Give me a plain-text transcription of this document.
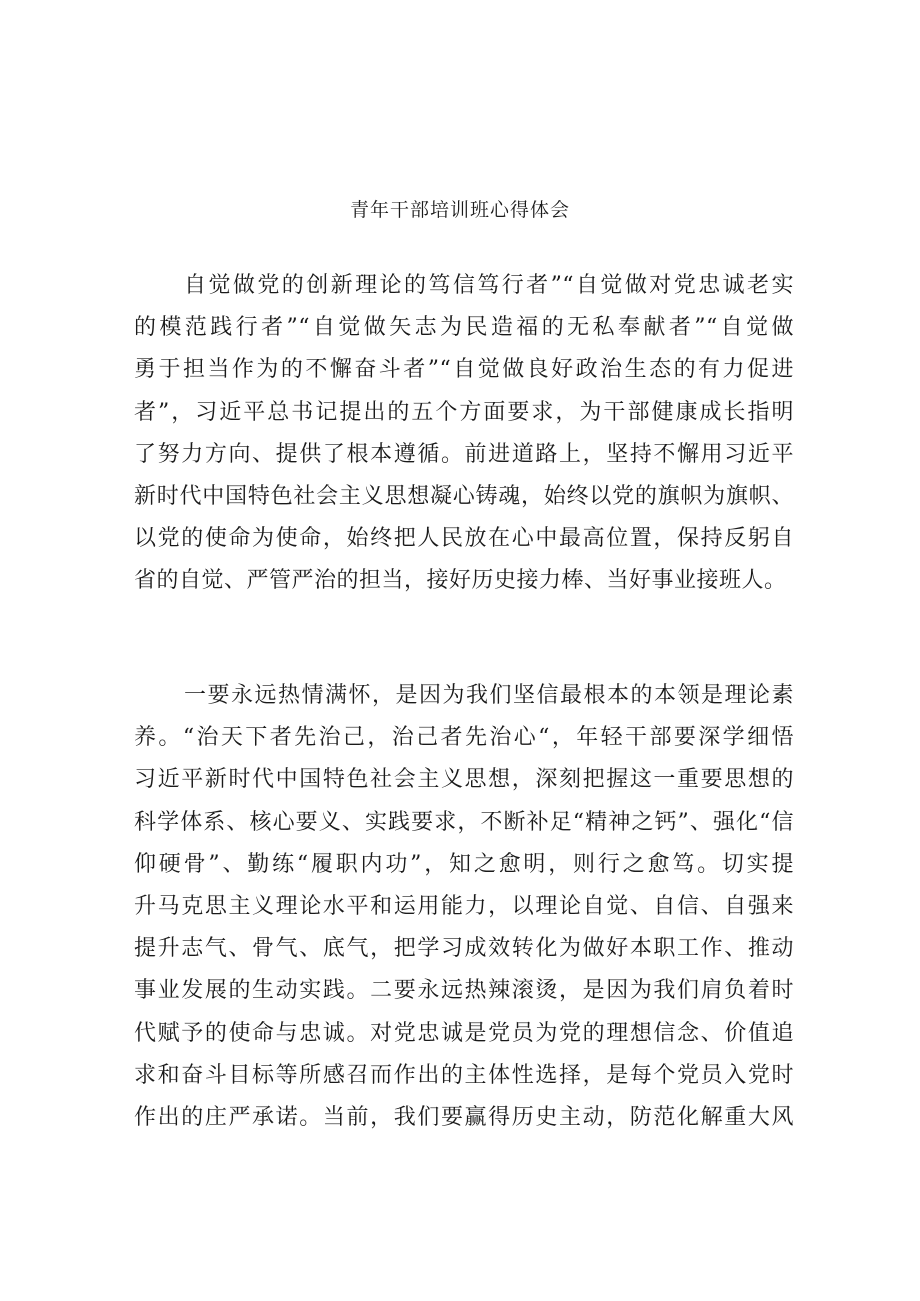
青年干部培训班心得体会
自觉做党的创新理论的笃信笃行者”“自觉做对党忠诚老实
的模范践行者”“自觉做矢志为民造福的无私奉献者”“自觉做
勇于担当作为的不懈奋斗者”“自觉做良好政治生态的有力促进
者”，习近平总书记提出的五个方面要求，为干部健康成长指明
了努力方向、提供了根本遵循。前进道路上，坚持不懈用习近平
新时代中国特色社会主义思想凝心铸魂，始终以党的旗帜为旗帜、
以党的使命为使命，始终把人民放在心中最高位置，保持反躬自
省的自觉、严管严治的担当，接好历史接力棒、当好事业接班人。
一要永远热情满怀，是因为我们坚信最根本的本领是理论素
养。“治天下者先治己，治己者先治心“，年轻干部要深学细悟
习近平新时代中国特色社会主义思想，深刻把握这一重要思想的
科学体系、核心要义、实践要求，不断补足“精神之钙”、强化“信
仰硬骨”、勤练“履职内功”，知之愈明，则行之愈笃。切实提
升马克思主义理论水平和运用能力，以理论自觉、自信、自强来
提升志气、骨气、底气，把学习成效转化为做好本职工作、推动
事业发展的生动实践。二要永远热辣滚烫，是因为我们肩负着时
代赋予的使命与忠诚。对党忠诚是党员为党的理想信念、价值追
求和奋斗目标等所感召而作出的主体性选择，是每个党员入党时
作出的庄严承诺。当前，我们要赢得历史主动，防范化解重大风
